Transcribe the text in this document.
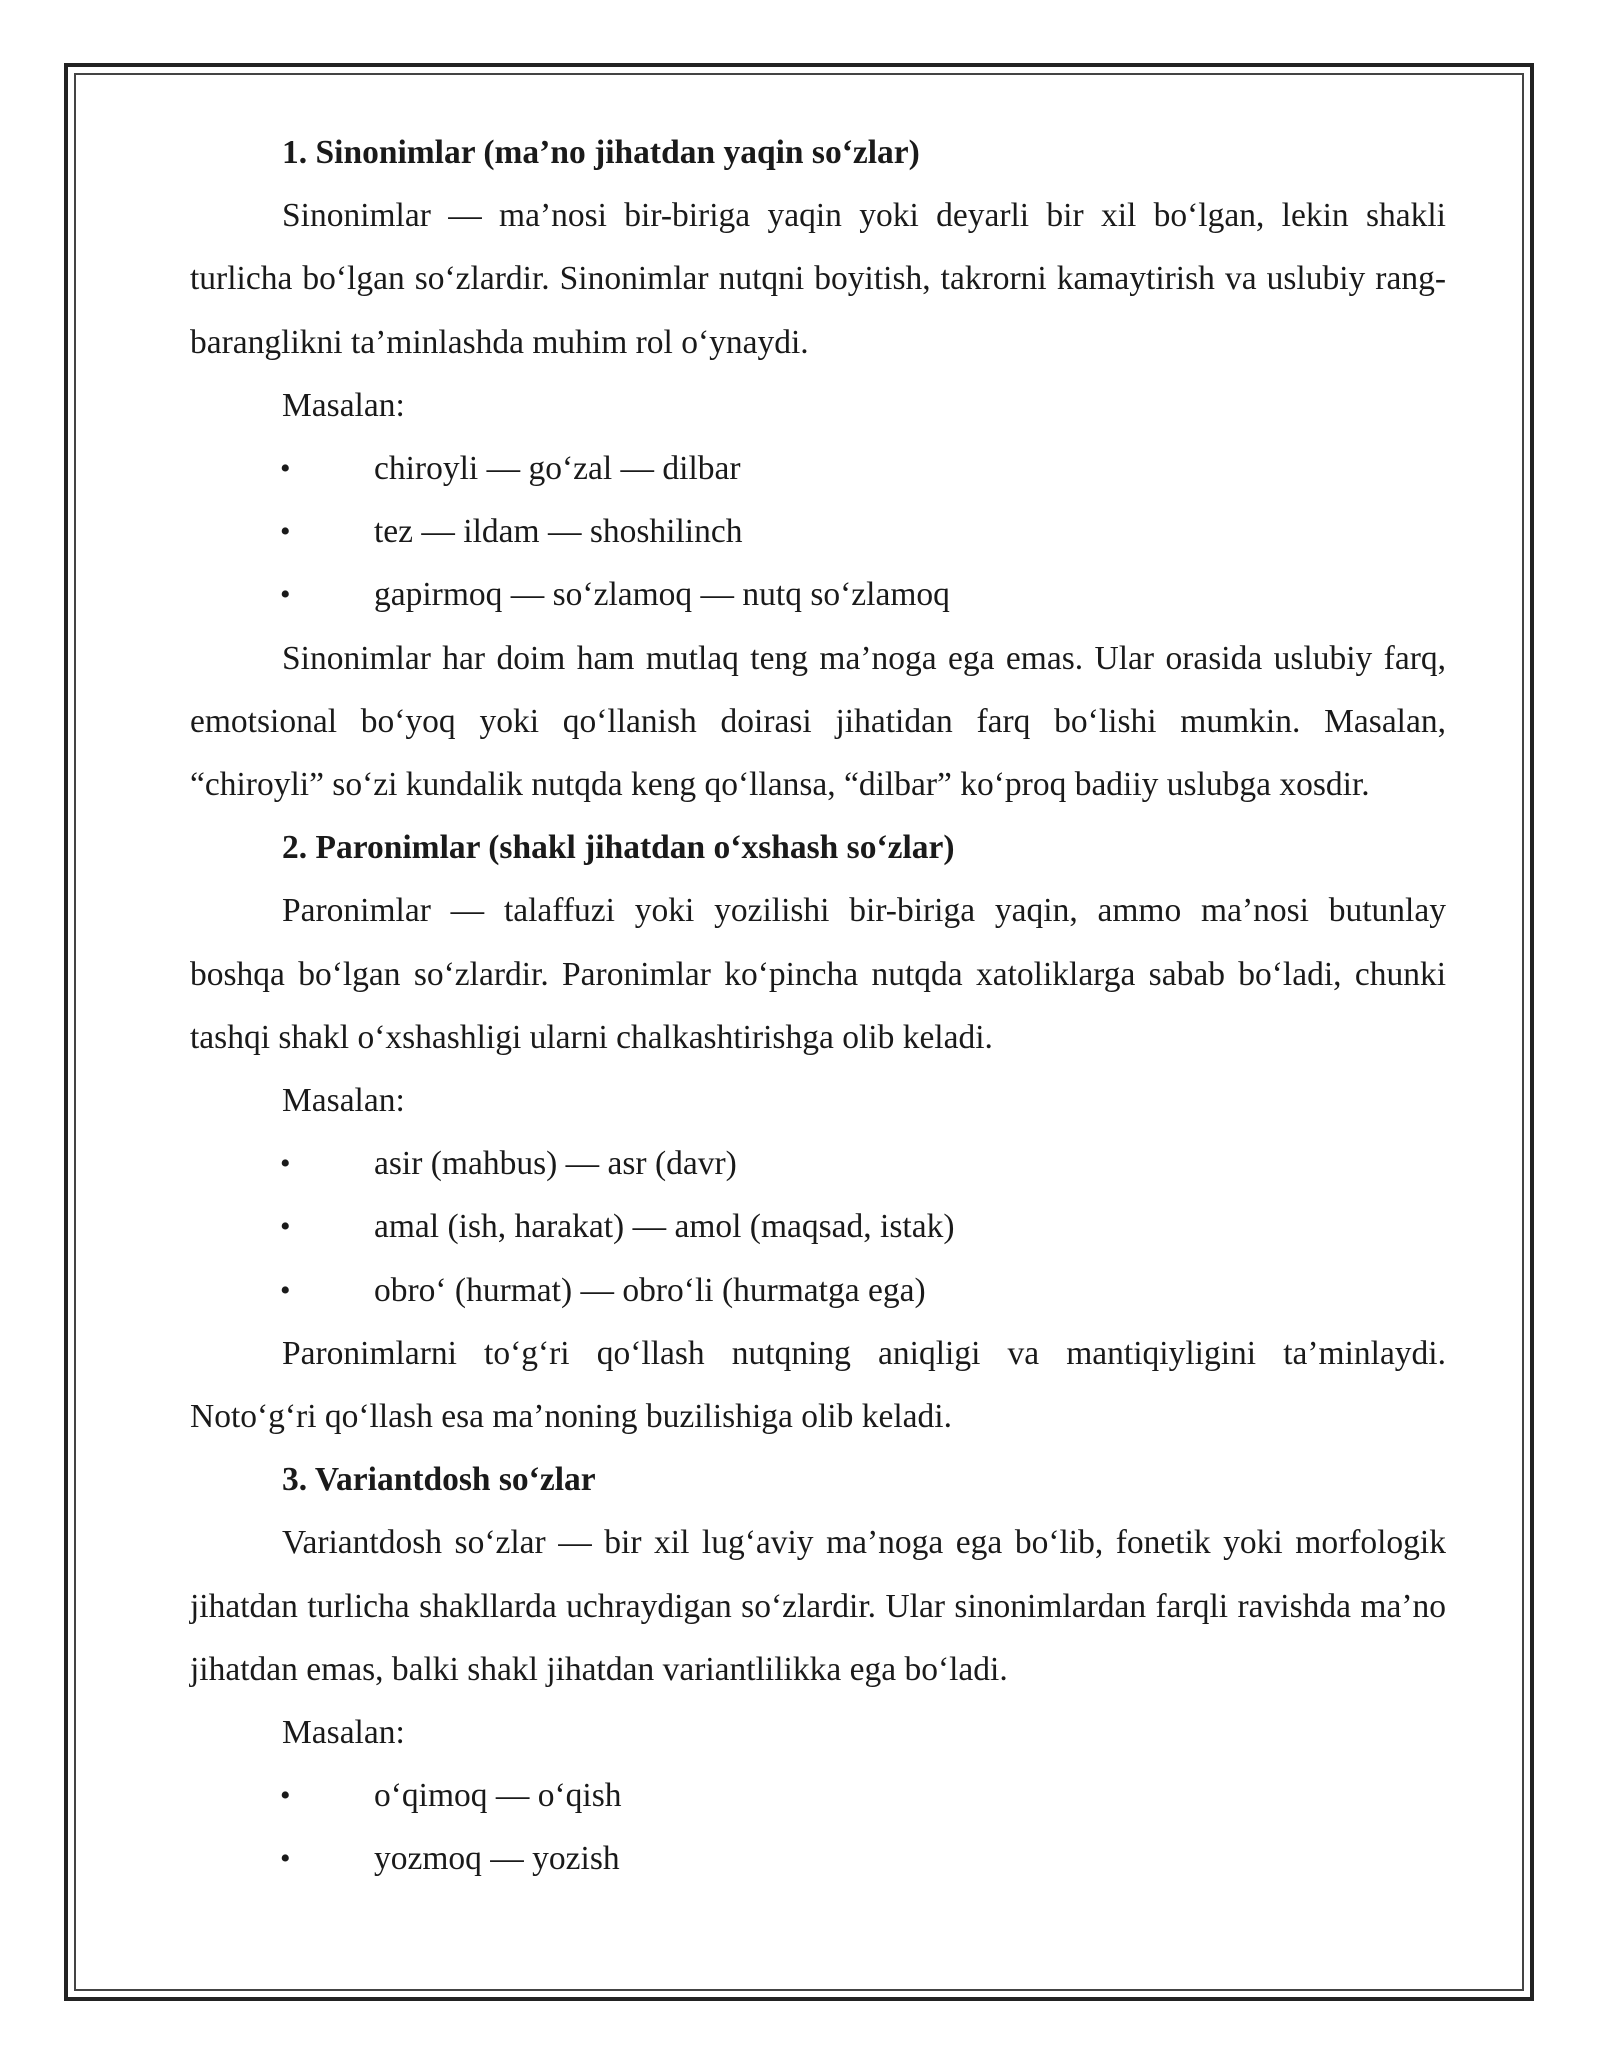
1. Sinonimlar (ma’no jihatdan yaqin so‘zlar)

Sinonimlar — ma’nosi bir-biriga yaqin yoki deyarli bir xil bo‘lgan, lekin shakli turlicha bo‘lgan so‘zlardir. Sinonimlar nutqni boyitish, takrorni kamaytirish va uslubiy rang-baranglikni ta’minlashda muhim rol o‘ynaydi.

Masalan:

• chiroyli — go‘zal — dilbar
• tez — ildam — shoshilinch
• gapirmoq — so‘zlamoq — nutq so‘zlamoq

Sinonimlar har doim ham mutlaq teng ma’noga ega emas. Ular orasida uslubiy farq, emotsional bo‘yoq yoki qo‘llanish doirasi jihatidan farq bo‘lishi mumkin. Masalan, “chiroyli” so‘zi kundalik nutqda keng qo‘llansa, “dilbar” ko‘proq badiiy uslubga xosdir.

2. Paronimlar (shakl jihatdan o‘xshash so‘zlar)

Paronimlar — talaffuzi yoki yozilishi bir-biriga yaqin, ammo ma’nosi butunlay boshqa bo‘lgan so‘zlardir. Paronimlar ko‘pincha nutqda xatoliklarga sabab bo‘ladi, chunki tashqi shakl o‘xshashligi ularni chalkashtirishga olib keladi.

Masalan:

• asir (mahbus) — asr (davr)
• amal (ish, harakat) — amol (maqsad, istak)
• obro‘ (hurmat) — obro‘li (hurmatga ega)

Paronimlarni to‘g‘ri qo‘llash nutqning aniqligi va mantiqiyligini ta’minlaydi. Noto‘g‘ri qo‘llash esa ma’noning buzilishiga olib keladi.

3. Variantdosh so‘zlar

Variantdosh so‘zlar — bir xil lug‘aviy ma’noga ega bo‘lib, fonetik yoki morfologik jihatdan turlicha shakllarda uchraydigan so‘zlardir. Ular sinonimlardan farqli ravishda ma’no jihatdan emas, balki shakl jihatdan variantlilikka ega bo‘ladi.

Masalan:

• o‘qimoq — o‘qish
• yozmoq — yozish
